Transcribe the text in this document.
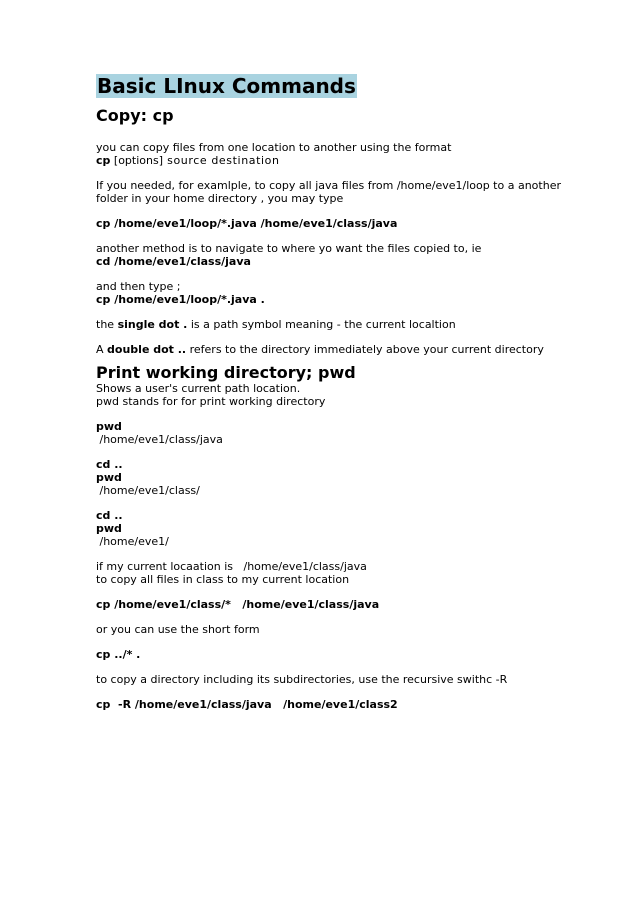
Basic LInux Commands
Copy: cp

you can copy files from one location to another using the format

cp [options] source destination

If you needed, for examlple, to copy all java files from /home/eve1/loop to a another

folder in your home directory , you may type

cp /home/eve1/loop/*.java /home/eve1/class/java

another method is to navigate to where yo want the files copied to, ie

cd /home/eve1/class/java

and then type ;

cp /home/eve1/loop/*.java .

the single dot . is a path symbol meaning - the current localtion

A double dot .. refers to the directory immediately above your current directory

Print working directory; pwd

Shows a user's current path location.

pwd stands for for print working directory

pwd

/home/eve1/class/java

cd ..

pwd

/home/eve1/class/

cd ..

pwd

/home/eve1/

if my current locaation is   /home/eve1/class/java

to copy all files in class to my current location

cp /home/eve1/class/*   /home/eve1/class/java

or you can use the short form

cp ../* .

to copy a directory including its subdirectories, use the recursive swithc -R

cp  -R /home/eve1/class/java   /home/eve1/class2
